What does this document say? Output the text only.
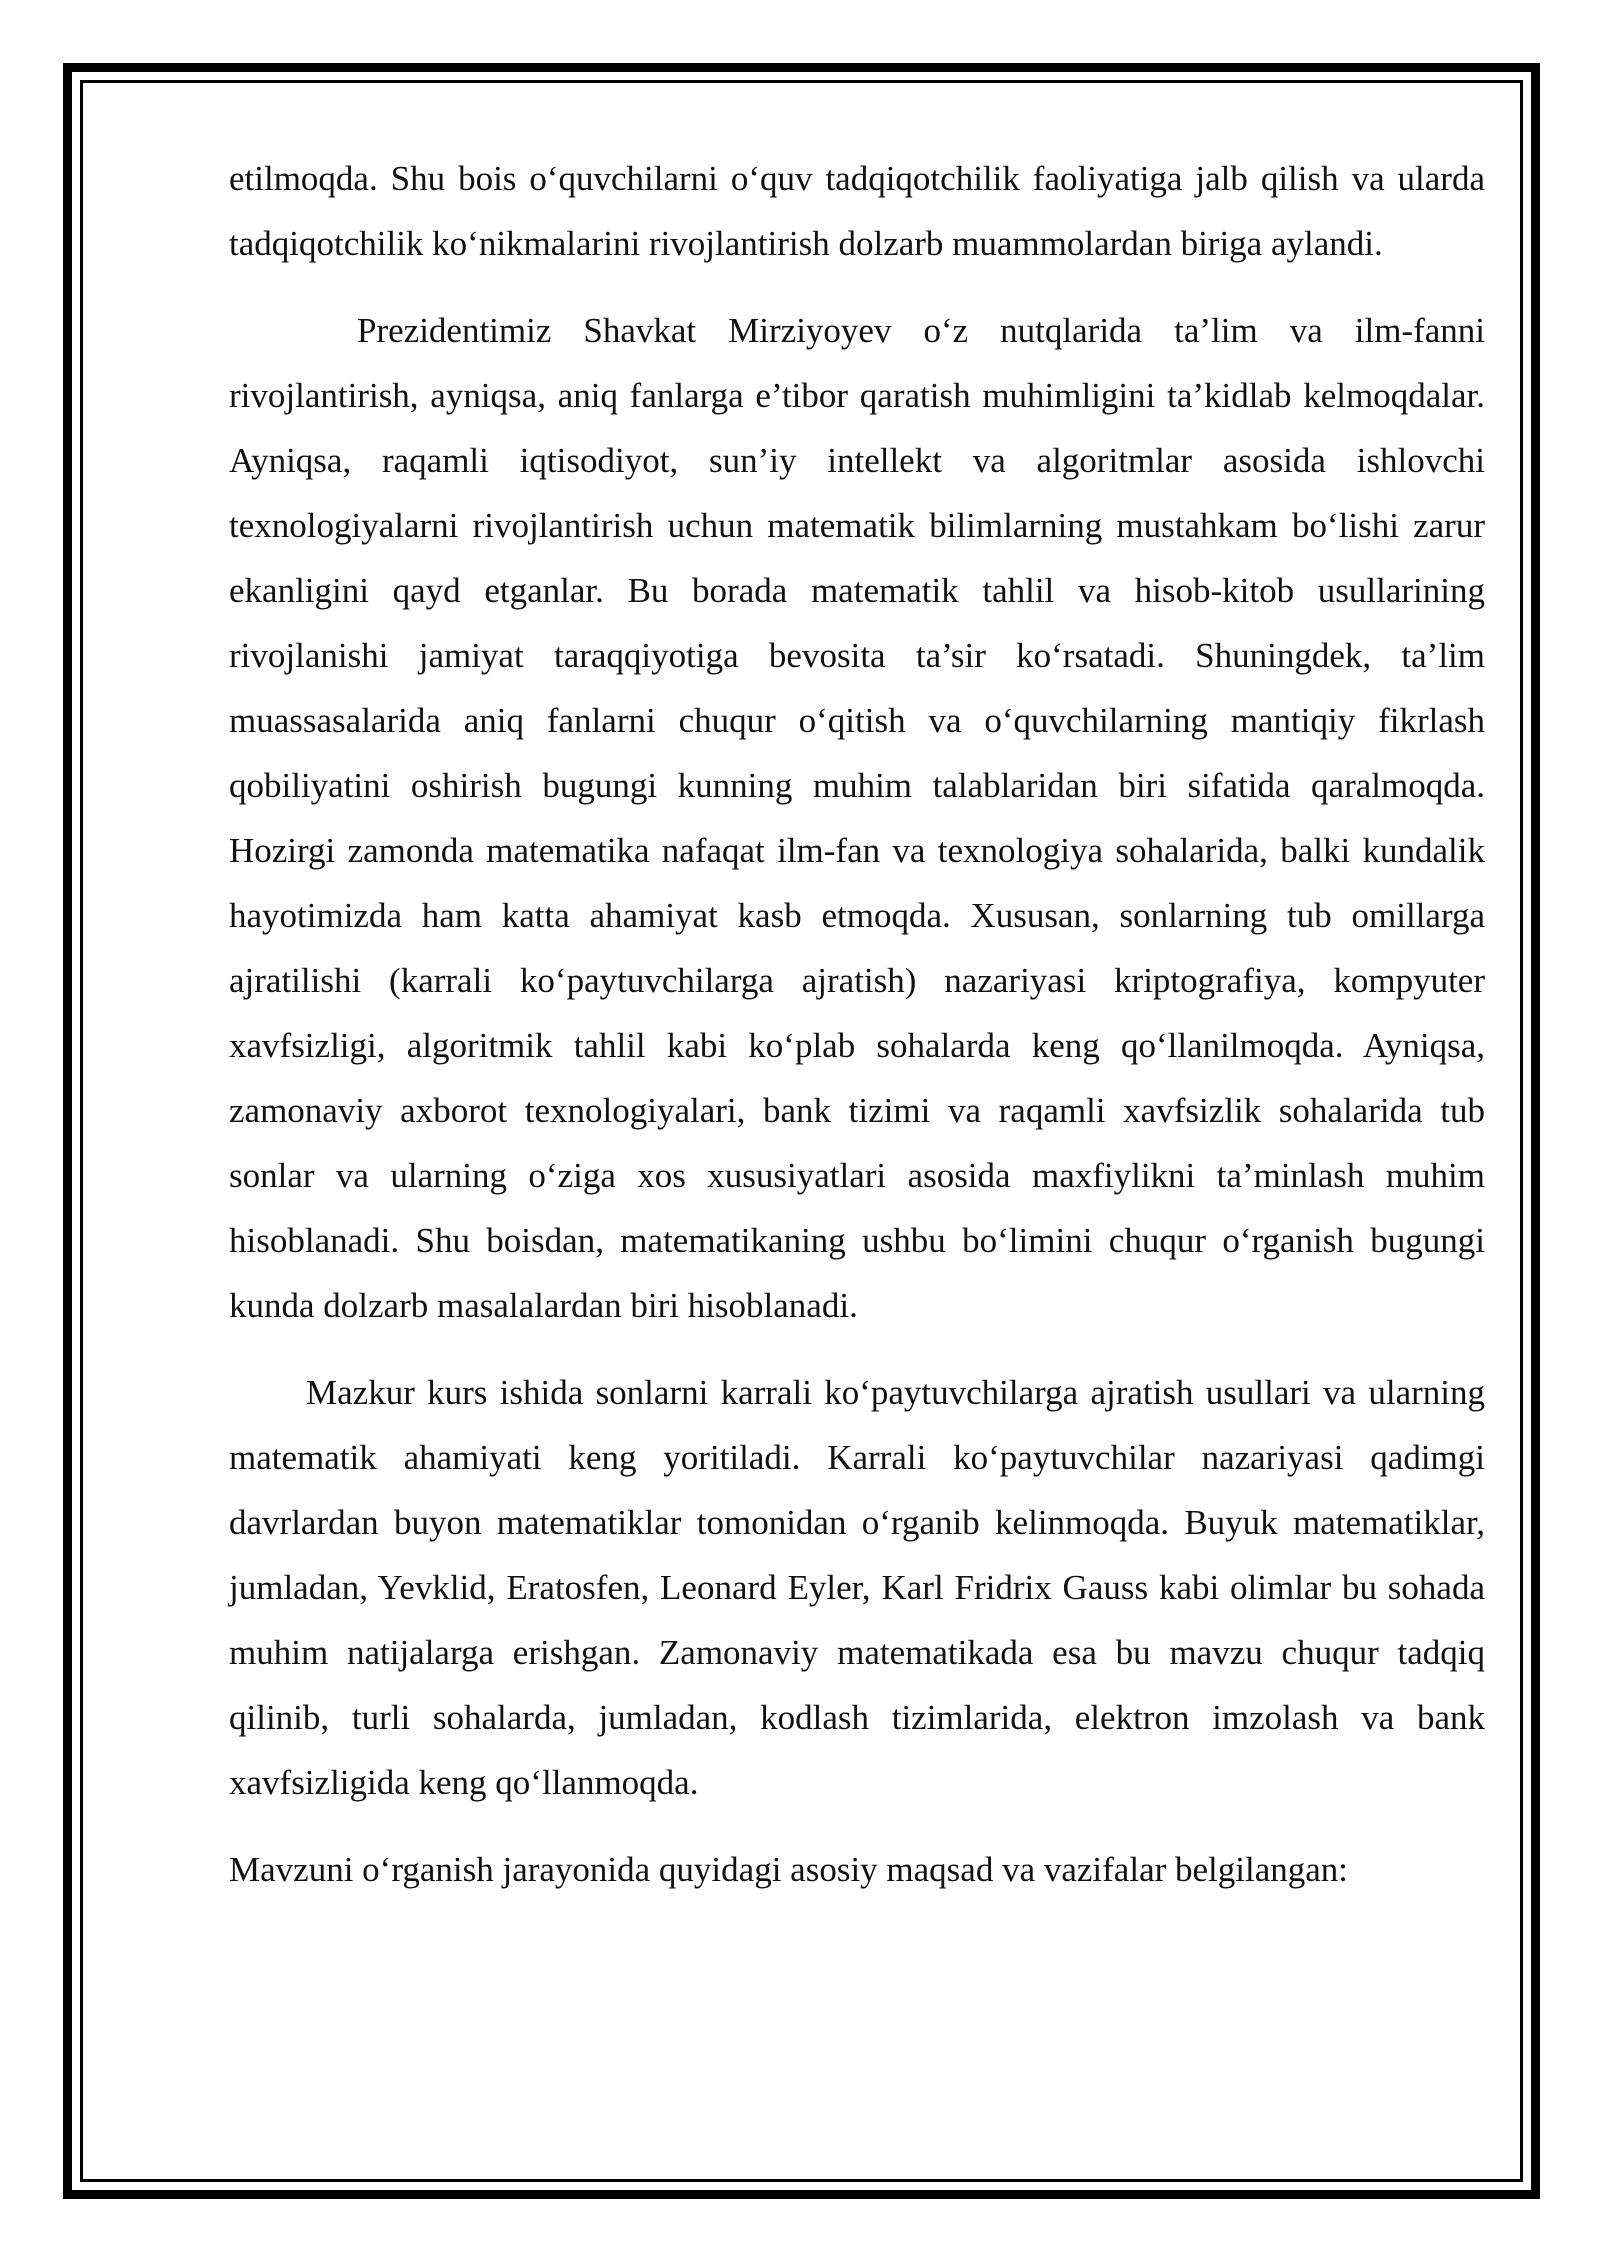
etilmoqda. Shu bois o‘quvchilarni o‘quv tadqiqotchilik faoliyatiga jalb qilish va ularda tadqiqotchilik ko‘nikmalarini rivojlantirish dolzarb muammolardan biriga aylandi.

Prezidentimiz Shavkat Mirziyoyev o‘z nutqlarida ta’lim va ilm-fanni rivojlantirish, ayniqsa, aniq fanlarga e’tibor qaratish muhimligini ta’kidlab kelmoqdalar. Ayniqsa, raqamli iqtisodiyot, sun’iy intellekt va algoritmlar asosida ishlovchi texnologiyalarni rivojlantirish uchun matematik bilimlarning mustahkam bo‘lishi zarur ekanligini qayd etganlar. Bu borada matematik tahlil va hisob-kitob usullarining rivojlanishi jamiyat taraqqiyotiga bevosita ta’sir ko‘rsatadi. Shuningdek, ta’lim muassasalarida aniq fanlarni chuqur o‘qitish va o‘quvchilarning mantiqiy fikrlash qobiliyatini oshirish bugungi kunning muhim talablaridan biri sifatida qaralmoqda. Hozirgi zamonda matematika nafaqat ilm-fan va texnologiya sohalarida, balki kundalik hayotimizda ham katta ahamiyat kasb etmoqda. Xususan, sonlarning tub omillarga ajratilishi (karrali ko‘paytuvchilarga ajratish) nazariyasi kriptografiya, kompyuter xavfsizligi, algoritmik tahlil kabi ko‘plab sohalarda keng qo‘llanilmoqda. Ayniqsa, zamonaviy axborot texnologiyalari, bank tizimi va raqamli xavfsizlik sohalarida tub sonlar va ularning o‘ziga xos xususiyatlari asosida maxfiylikni ta’minlash muhim hisoblanadi. Shu boisdan, matematikaning ushbu bo‘limini chuqur o‘rganish bugungi kunda dolzarb masalalardan biri hisoblanadi.

Mazkur kurs ishida sonlarni karrali ko‘paytuvchilarga ajratish usullari va ularning matematik ahamiyati keng yoritiladi. Karrali ko‘paytuvchilar nazariyasi qadimgi davrlardan buyon matematiklar tomonidan o‘rganib kelinmoqda. Buyuk matematiklar, jumladan, Yevklid, Eratosfen, Leonard Eyler, Karl Fridrix Gauss kabi olimlar bu sohada muhim natijalarga erishgan. Zamonaviy matematikada esa bu mavzu chuqur tadqiq qilinib, turli sohalarda, jumladan, kodlash tizimlarida, elektron imzolash va bank xavfsizligida keng qo‘llanmoqda.

Mavzuni o‘rganish jarayonida quyidagi asosiy maqsad va vazifalar belgilangan:
